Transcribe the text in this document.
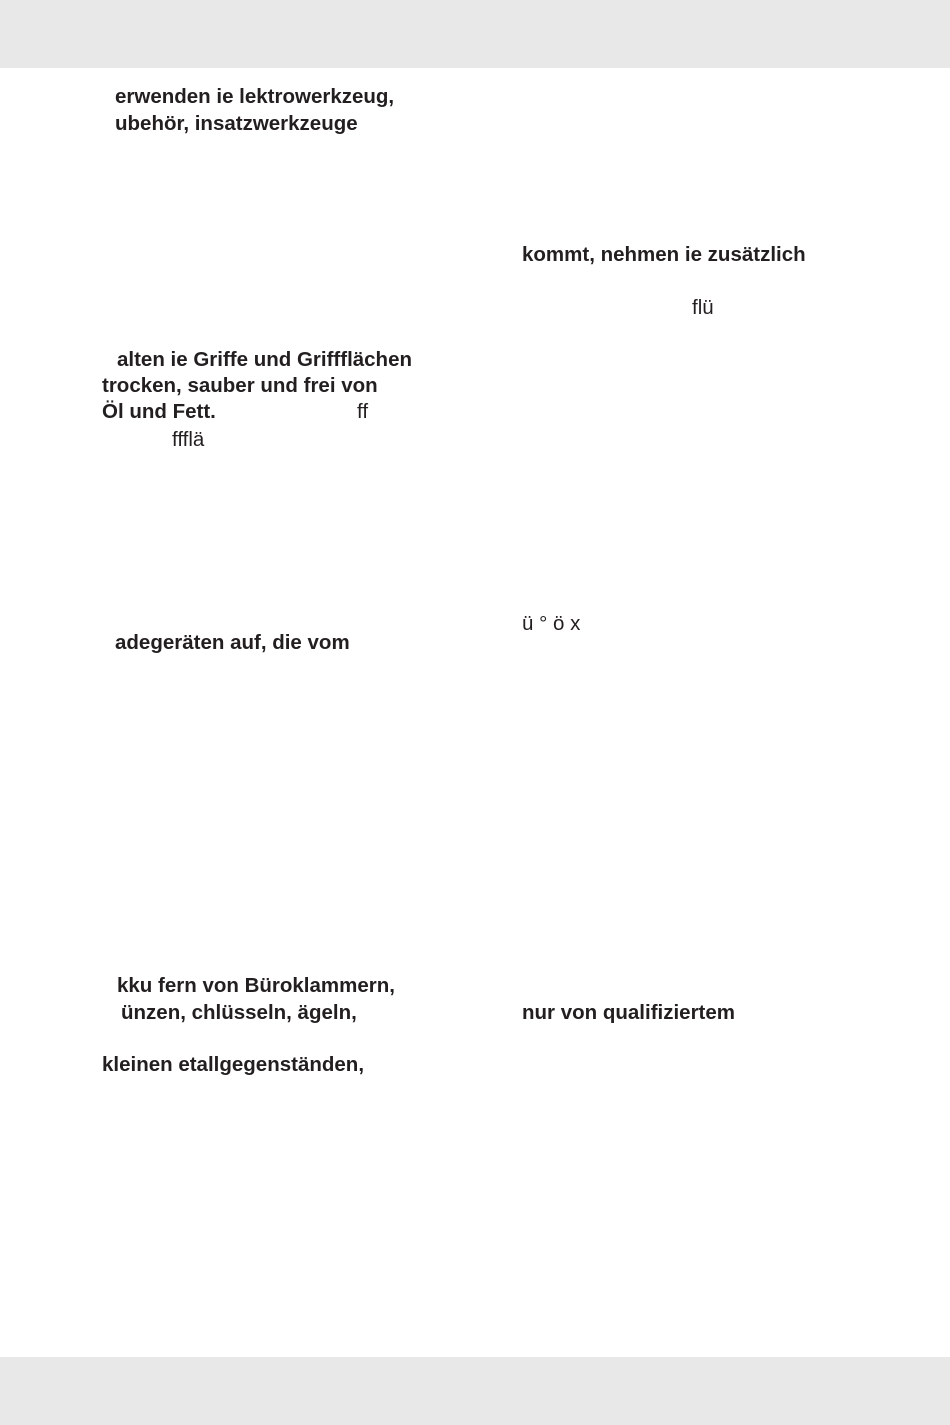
erwenden ie lektrowerkzeug,

ubehör, insatzwerkzeuge

alten ie Griffe und Griffflächen

trocken, sauber und frei von

Öl und Fett.	ff

ffflä

adegeräten auf, die vom

kku fern von Büroklammern,

ünzen, chlüsseln, ägeln,

kleinen etallgegenständen,

kommt, nehmen ie zusätzlich

flü

ü ° ö x

nur von qualifiziertem
